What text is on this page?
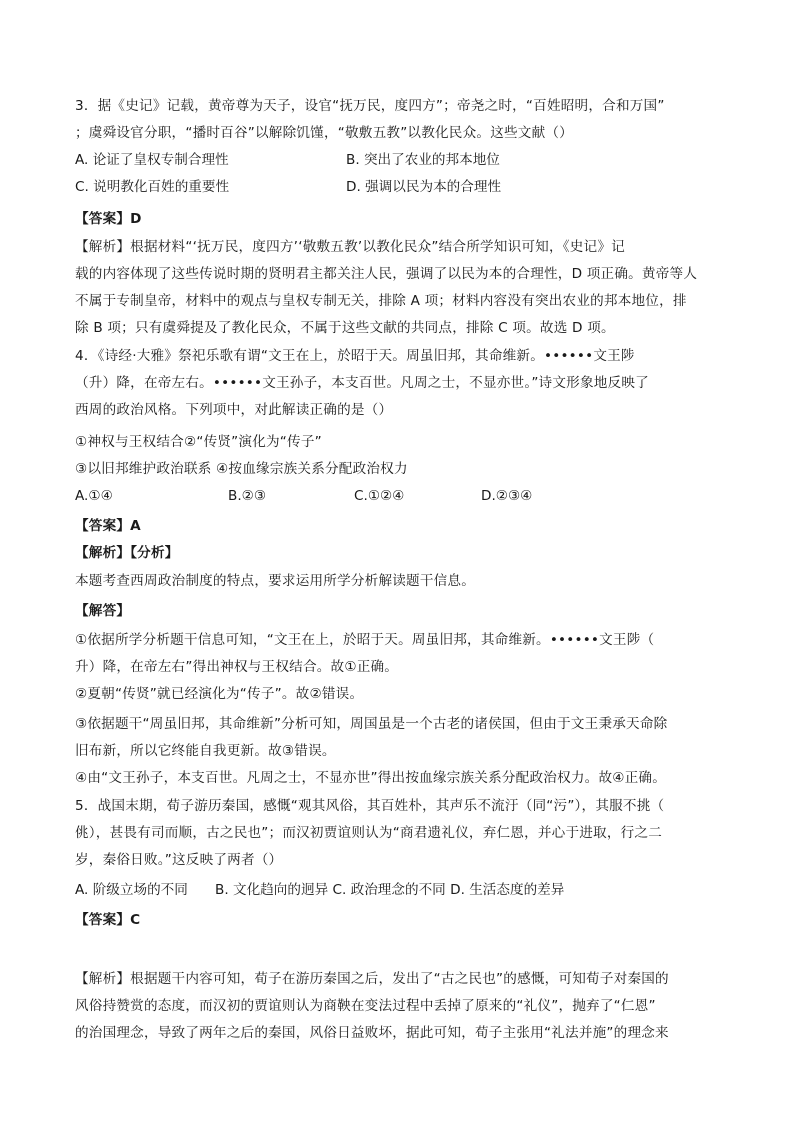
3．据《史记》记载，黄帝尊为天子，设官“抚万民，度四方”；帝尧之时，“百姓昭明，合和万国”
；虞舜设官分职，“播时百谷”以解除饥馑，“敬敷五教”以教化民众。这些文献（）
A. 论证了皇权专制合理性	B. 突出了农业的邦本地位
C. 说明教化百姓的重要性	D. 强调以民为本的合理性
【答案】D
【解析】根据材料“‘抚万民，度四方’‘敬敷五教’以教化民众”结合所学知识可知，《史记》记
载的内容体现了这些传说时期的贤明君主都关注人民，强调了以民为本的合理性，D 项正确。黄帝等人
不属于专制皇帝，材料中的观点与皇权专制无关，排除 A 项；材料内容没有突出农业的邦本地位，排
除 B 项；只有虞舜提及了教化民众，不属于这些文献的共同点，排除 C 项。故选 D 项。
4．《诗经·大雅》祭祀乐歌有谓“文王在上，於昭于天。周虽旧邦，其命维新。••••••文王陟
（升）降，在帝左右。••••••文王孙子，本支百世。凡周之士，不显亦世。”诗文形象地反映了
西周的政治风格。下列项中，对此解读正确的是（）
①神权与王权结合②“传贤”演化为“传子”
③以旧邦维护政治联系 ④按血缘宗族关系分配政治权力
A.①④	B.②③	C.①②④	D.②③④
【答案】A
【解析】【分析】
本题考查西周政治制度的特点，要求运用所学分析解读题干信息。
【解答】
①依据所学分析题干信息可知，“文王在上，於昭于天。周虽旧邦，其命维新。••••••文王陟（
升）降，在帝左右”得出神权与王权结合。故①正确。
②夏朝“传贤”就已经演化为“传子”。故②错误。
③依据题干“周虽旧邦，其命维新”分析可知，周国虽是一个古老的诸侯国，但由于文王秉承天命除
旧布新，所以它终能自我更新。故③错误。
④由“文王孙子，本支百世。凡周之士，不显亦世”得出按血缘宗族关系分配政治权力。故④正确。
5．战国末期，荀子游历秦国，感慨“观其风俗，其百姓朴，其声乐不流汙（同“污”），其服不挑（
佻），甚畏有司而顺，古之民也”；而汉初贾谊则认为“商君遗礼仪，弃仁恩，并心于进取，行之二
岁，秦俗日败。”这反映了两者（）
A. 阶级立场的不同　　B. 文化趋向的迥异 C. 政治理念的不同 D. 生活态度的差异
【答案】C
【解析】根据题干内容可知，荀子在游历秦国之后，发出了“古之民也”的感慨，可知荀子对秦国的
风俗持赞赏的态度，而汉初的贾谊则认为商鞅在变法过程中丢掉了原来的“礼仪”，抛弃了“仁恩”
的治国理念，导致了两年之后的秦国，风俗日益败坏，据此可知，荀子主张用“礼法并施”的理念来
